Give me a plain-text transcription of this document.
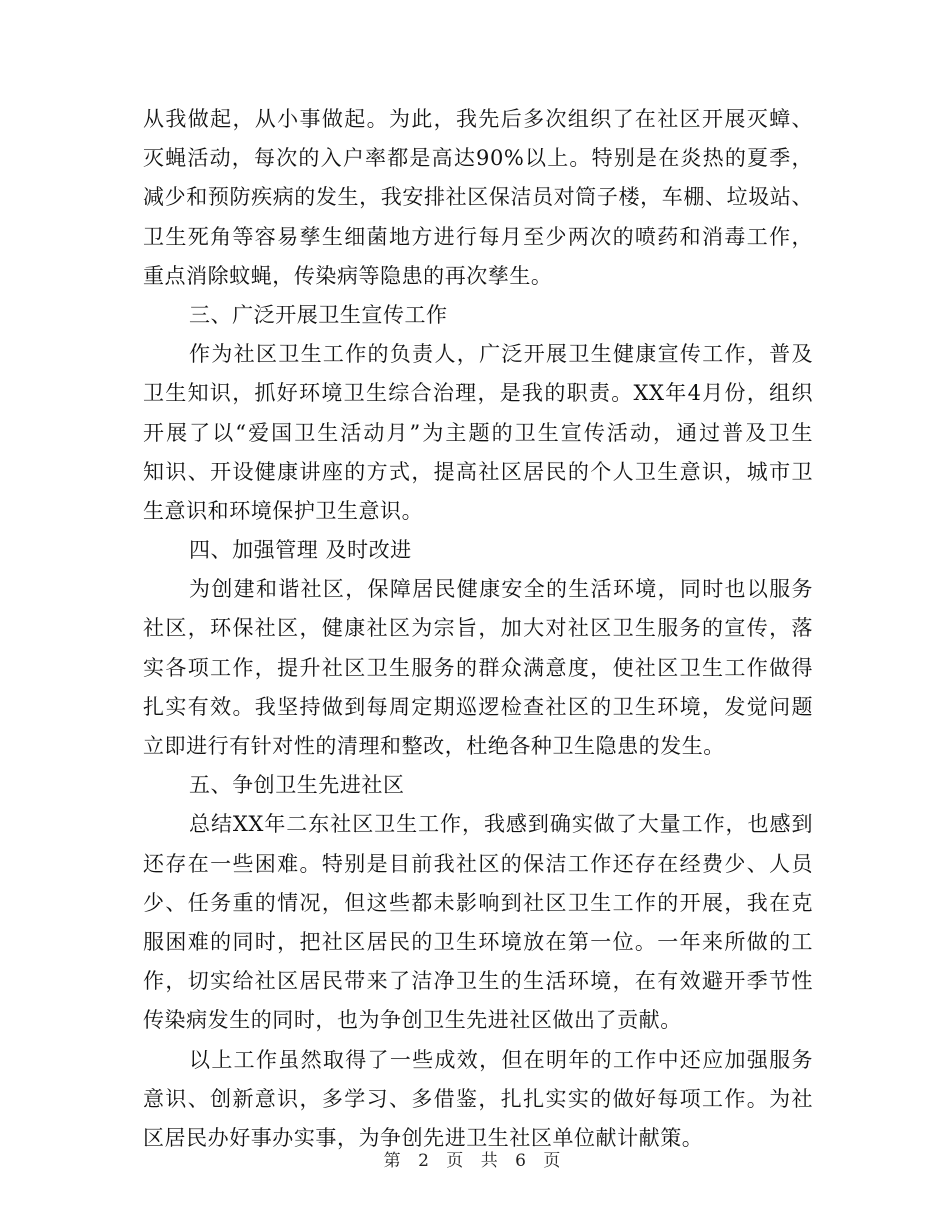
从我做起，从小事做起。为此，我先后多次组织了在社区开展灭蟑、
灭蝇活动，每次的入户率都是高达90%以上。特别是在炎热的夏季，
减少和预防疾病的发生，我安排社区保洁员对筒子楼，车棚、垃圾站、
卫生死角等容易孳生细菌地方进行每月至少两次的喷药和消毒工作，
重点消除蚊蝇，传染病等隐患的再次孳生。
三、广泛开展卫生宣传工作
作为社区卫生工作的负责人，广泛开展卫生健康宣传工作，普及
卫生知识，抓好环境卫生综合治理，是我的职责。XX年4月份，组织
开展了以“爱国卫生活动月”为主题的卫生宣传活动，通过普及卫生
知识、开设健康讲座的方式，提高社区居民的个人卫生意识，城市卫
生意识和环境保护卫生意识。
四、加强管理 及时改进
为创建和谐社区，保障居民健康安全的生活环境，同时也以服务
社区，环保社区，健康社区为宗旨，加大对社区卫生服务的宣传，落
实各项工作，提升社区卫生服务的群众满意度，使社区卫生工作做得
扎实有效。我坚持做到每周定期巡逻检查社区的卫生环境，发觉问题
立即进行有针对性的清理和整改，杜绝各种卫生隐患的发生。
五、争创卫生先进社区
总结XX年二东社区卫生工作，我感到确实做了大量工作，也感到
还存在一些困难。特别是目前我社区的保洁工作还存在经费少、人员
少、任务重的情况，但这些都未影响到社区卫生工作的开展，我在克
服困难的同时，把社区居民的卫生环境放在第一位。一年来所做的工
作，切实给社区居民带来了洁净卫生的生活环境，在有效避开季节性
传染病发生的同时，也为争创卫生先进社区做出了贡献。
以上工作虽然取得了一些成效，但在明年的工作中还应加强服务
意识、创新意识，多学习、多借鉴，扎扎实实的做好每项工作。为社
区居民办好事办实事，为争创先进卫生社区单位献计献策。
第 2 页 共 6 页
